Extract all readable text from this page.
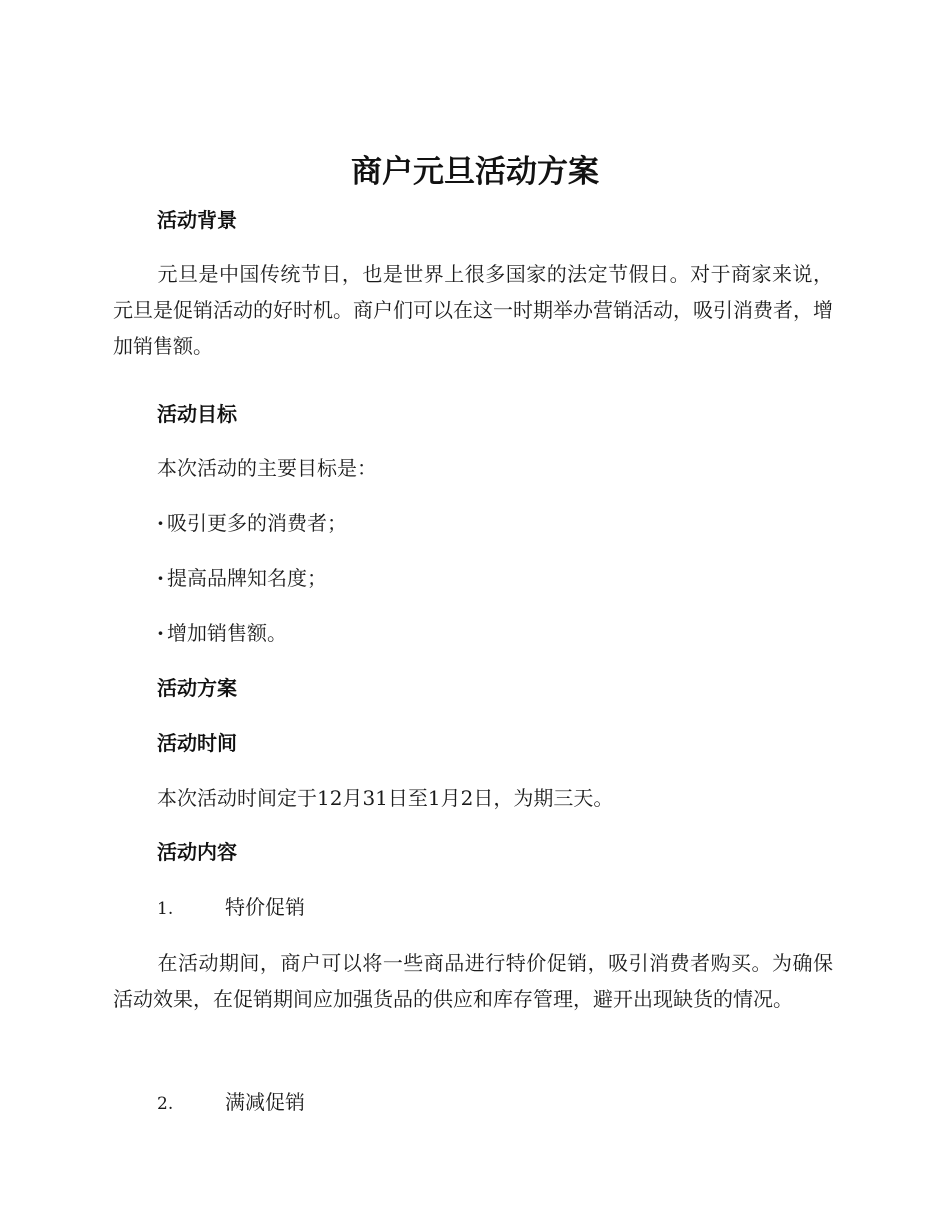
商户元旦活动方案
活动背景

元旦是中国传统节日，也是世界上很多国家的法定节假日。对于商家来说，元旦是促销活动的好时机。商户们可以在这一时期举办营销活动，吸引消费者，增加销售额。

活动目标

本次活动的主要目标是：

· 吸引更多的消费者；

· 提高品牌知名度；

· 增加销售额。

活动方案
活动时间

本次活动时间定于12月31日至1月2日，为期三天。

活动内容

1.	特价促销

在活动期间，商户可以将一些商品进行特价促销，吸引消费者购买。为确保活动效果，在促销期间应加强货品的供应和库存管理，避开出现缺货的情况。

2.	满减促销
